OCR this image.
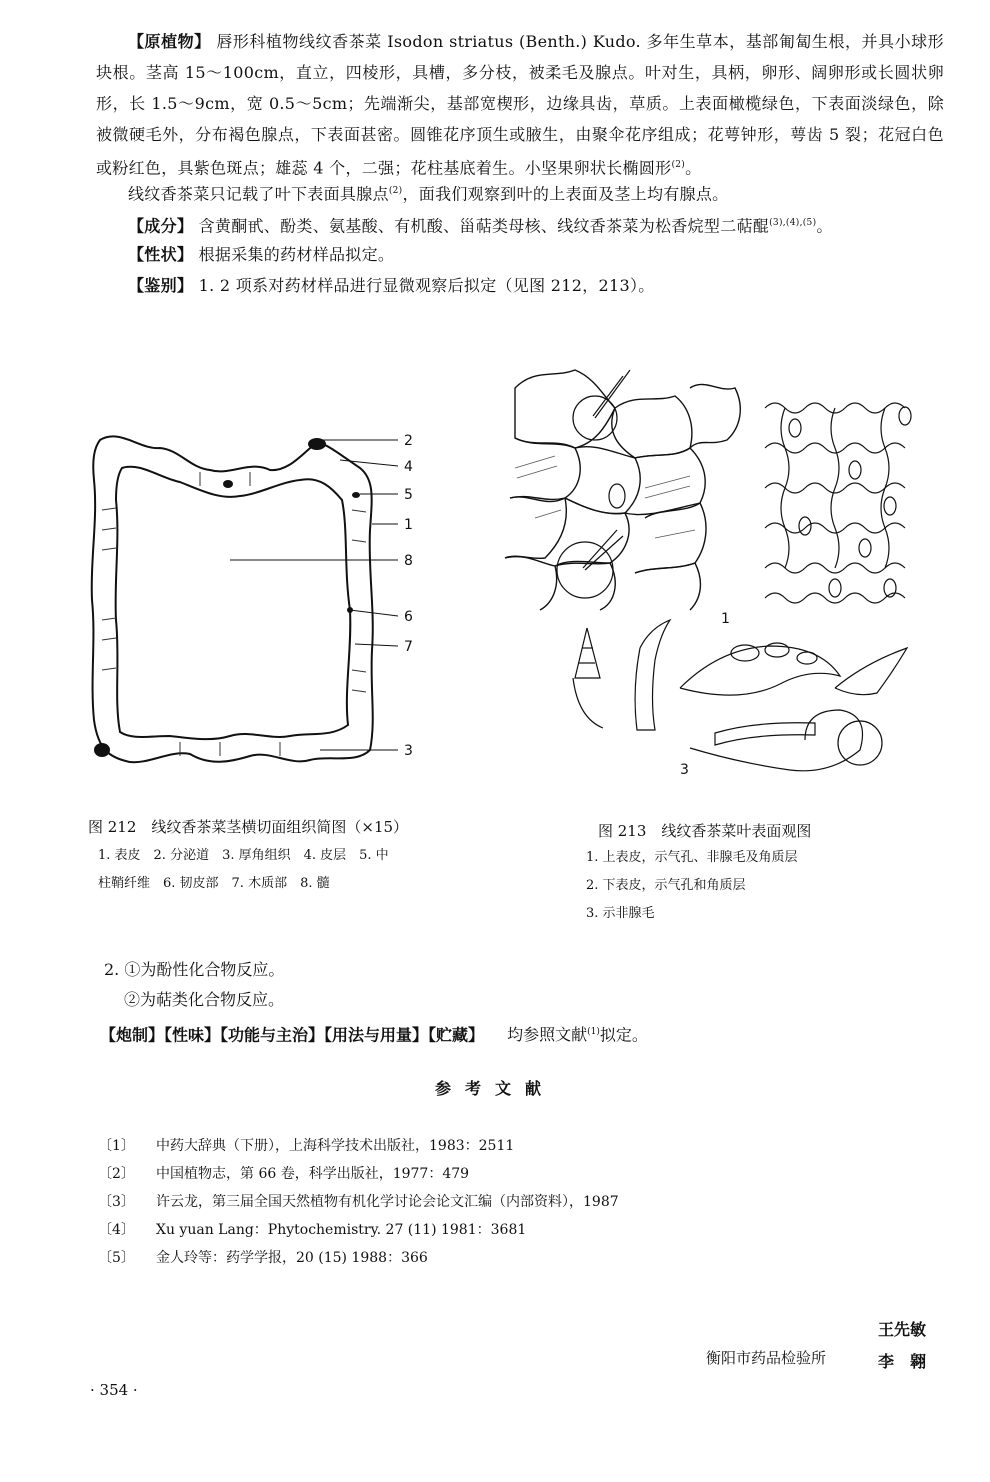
【原植物】 唇形科植物线纹香茶菜 Isodon striatus (Benth.) Kudo. 多年生草本，基部匍匐生根，并具小球形块根。茎高 15～100cm，直立，四棱形，具槽，多分枝，被柔毛及腺点。叶对生，具柄，卵形、阔卵形或长圆状卵形，长 1.5～9cm，宽 0.5～5cm；先端渐尖，基部宽楔形，边缘具齿，草质。上表面橄榄绿色，下表面淡绿色，除被微硬毛外，分布褐色腺点，下表面甚密。圆锥花序顶生或腋生，由聚伞花序组成；花萼钟形，萼齿 5 裂；花冠白色或粉红色，具紫色斑点；雄蕊 4 个，二强；花柱基底着生。小坚果卵状长椭圆形$^{(2)}$。
线纹香茶菜只记载了叶下表面具腺点$^{(2)}$，面我们观察到叶的上表面及茎上均有腺点。
【成分】 含黄酮甙、酚类、氨基酸、有机酸、甾萜类母核、线纹香茶菜为松香烷型二萜醌$^{(3),(4),(5)}$。
【性状】 根据采集的药材样品拟定。
【鉴别】 1. 2 项系对药材样品进行显微观察后拟定（见图 212，213）。
2
4
5
1
8
6
7
3
1
3
图 212　线纹香茶菜茎横切面组织简图（×15）
1. 表皮　2. 分泌道　3. 厚角组织　4. 皮层　5. 中
柱鞘纤维　6. 韧皮部　7. 木质部　8. 髓
图 213　线纹香茶菜叶表面观图
1. 上表皮，示气孔、非腺毛及角质层
2. 下表皮，示气孔和角质层
3. 示非腺毛
2. ①为酚性化合物反应。
②为萜类化合物反应。
【炮制】【性味】【功能与主治】【用法与用量】【贮藏】 均参照文献$^{(1)}$拟定。
参考文献
〔1〕	中药大辞典（下册），上海科学技术出版社，1983：2511
〔2〕	中国植物志，第 66 卷，科学出版社，1977：479
〔3〕	许云龙，第三届全国天然植物有机化学讨论会论文汇编（内部资料），1987
〔4〕	Xu yuan Lang：Phytochemistry. 27 (11) 1981：3681
〔5〕	金人玲等：药学学报，20 (15) 1988：366
衡阳市药品检验所
王先敏
李　翱
· 354 ·
